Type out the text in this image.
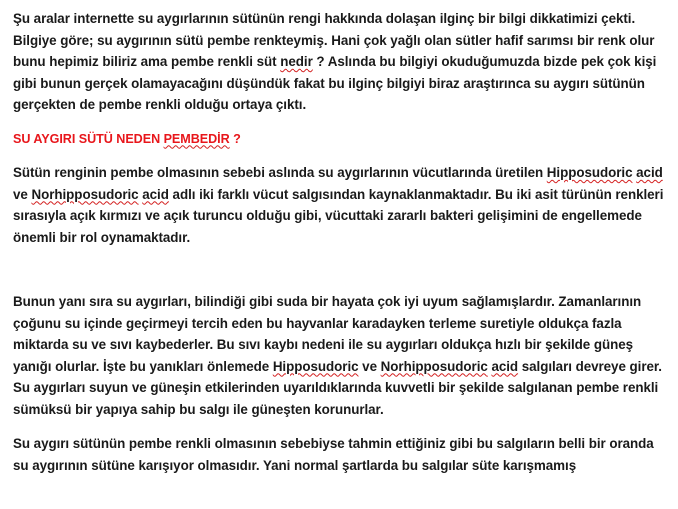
Şu aralar internette su aygırlarının sütünün rengi hakkında dolaşan ilginç bir bilgi dikkatimizi çekti. Bilgiye göre; su aygırının sütü pembe renkteymiş. Hani çok yağlı olan sütler hafif sarımsı bir renk olur bunu hepimiz biliriz ama pembe renkli süt nedir ? Aslında bu bilgiyi okuduğumuzda bizde pek çok kişi gibi bunun gerçek olamayacağını düşündük fakat bu ilginç bilgiyi biraz araştırınca su aygırı sütünün gerçekten de pembe renkli olduğu ortaya çıktı.

SU AYGIRI SÜTÜ NEDEN PEMBEDİR ?

Sütün renginin pembe olmasının sebebi aslında su aygırlarının vücutlarında üretilen Hipposudoric acid ve Norhipposudoric acid adlı iki farklı vücut salgısından kaynaklanmaktadır. Bu iki asit türünün renkleri sırasıyla açık kırmızı ve açık turuncu olduğu gibi, vücuttaki zararlı bakteri gelişimini de engellemede önemli bir rol oynamaktadır.

Bunun yanı sıra su aygırları, bilindiği gibi suda bir hayata çok iyi uyum sağlamışlardır. Zamanlarının çoğunu su içinde geçirmeyi tercih eden bu hayvanlar karadayken terleme suretiyle oldukça fazla miktarda su ve sıvı kaybederler. Bu sıvı kaybı nedeni ile su aygırları oldukça hızlı bir şekilde güneş yanığı olurlar. İşte bu yanıkları önlemede Hipposudoric ve Norhipposudoric acid salgıları devreye girer. Su aygırları suyun ve güneşin etkilerinden uyarıldıklarında kuvvetli bir şekilde salgılanan pembe renkli sümüksü bir yapıya sahip bu salgı ile güneşten korunurlar.

Su aygırı sütünün pembe renkli olmasının sebebiyse tahmin ettiğiniz gibi bu salgıların belli bir oranda su aygırının sütüne karışıyor olmasıdır. Yani normal şartlarda bu salgılar süte karışmamış
